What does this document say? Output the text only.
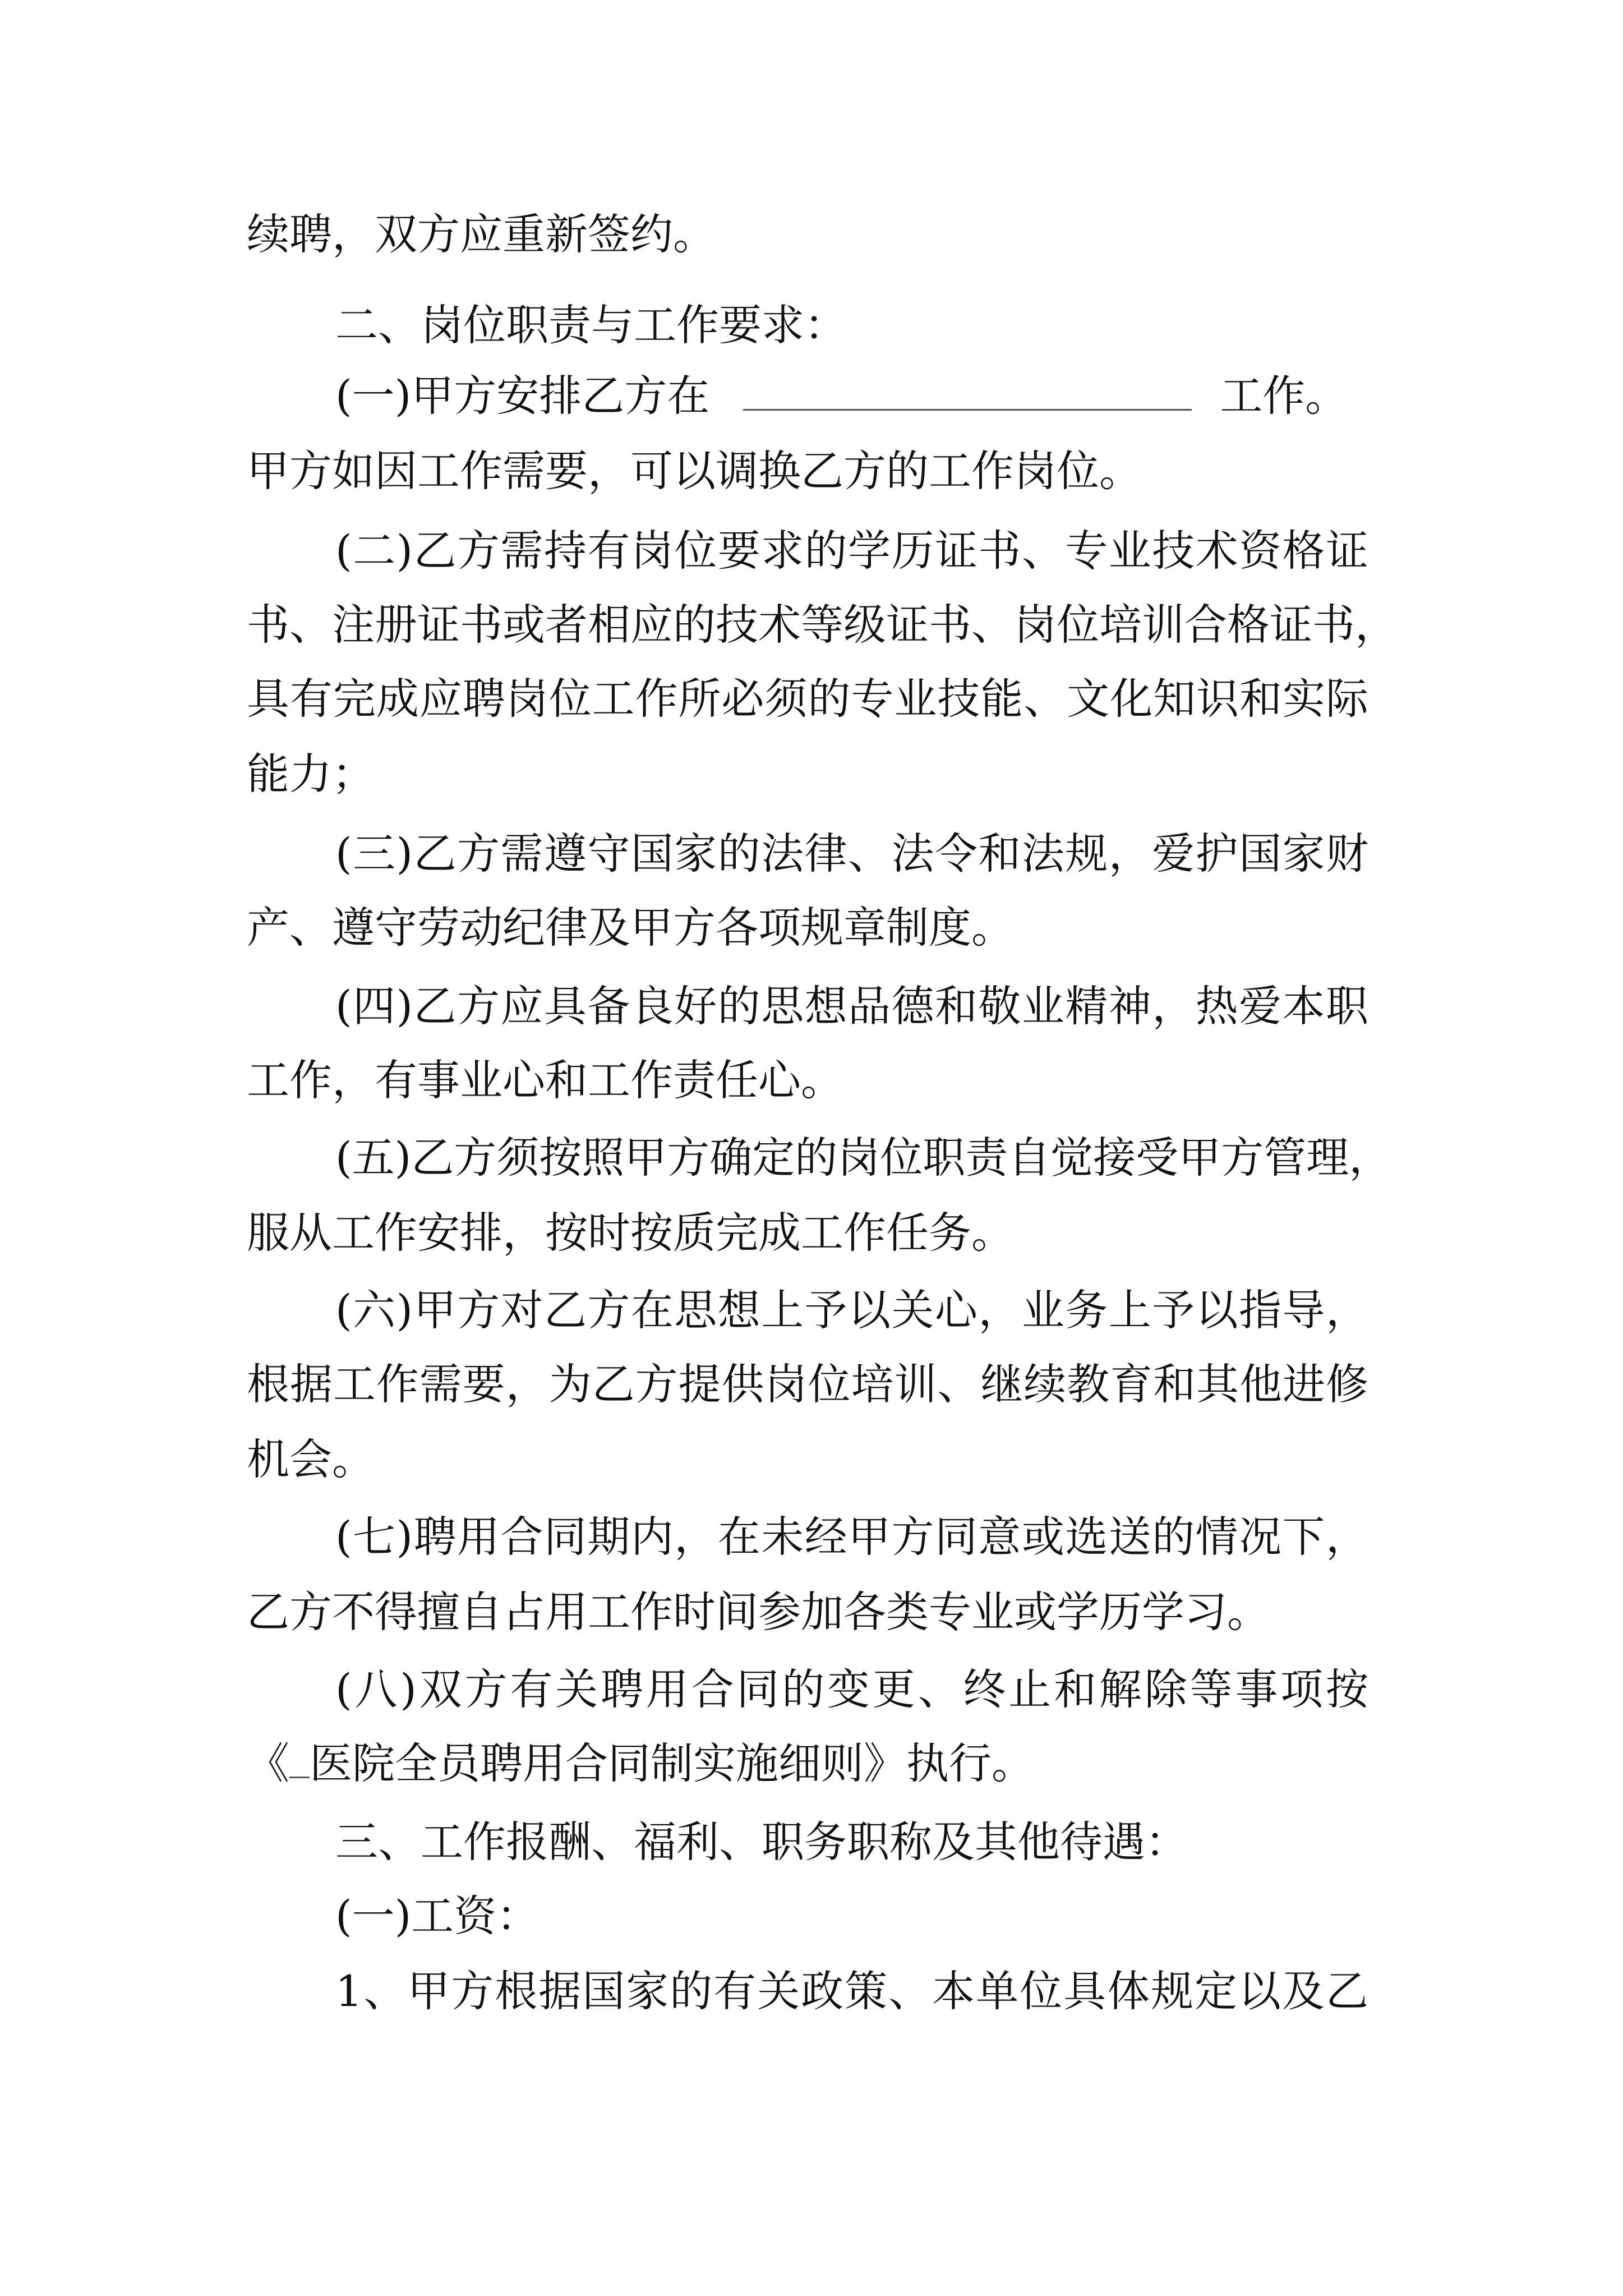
续聘，双方应重新签约。
二、岗位职责与工作要求：
(一)甲方安排乙方在	工作。
甲方如因工作需要，可以调换乙方的工作岗位。
(二)乙方需持有岗位要求的学历证书、专业技术资格证
书、注册证书或者相应的技术等级证书、岗位培训合格证书，
具有完成应聘岗位工作所必须的专业技能、文化知识和实际
能力；
(三)乙方需遵守国家的法律、法令和法规，爱护国家财
产、遵守劳动纪律及甲方各项规章制度。
(四)乙方应具备良好的思想品德和敬业精神，热爱本职
工作，有事业心和工作责任心。
(五)乙方须按照甲方确定的岗位职责自觉接受甲方管理，
服从工作安排，按时按质完成工作任务。
(六)甲方对乙方在思想上予以关心，业务上予以指导，
根据工作需要，为乙方提供岗位培训、继续教育和其他进修
机会。
(七)聘用合同期内，在未经甲方同意或选送的情况下，
乙方不得擅自占用工作时间参加各类专业或学历学习。
(八)双方有关聘用合同的变更、终止和解除等事项按
《 医院全员聘用合同制实施细则》执行。
三、工作报酬、福利、职务职称及其他待遇：
(一)工资：
1、甲方根据国家的有关政策、本单位具体规定以及乙
